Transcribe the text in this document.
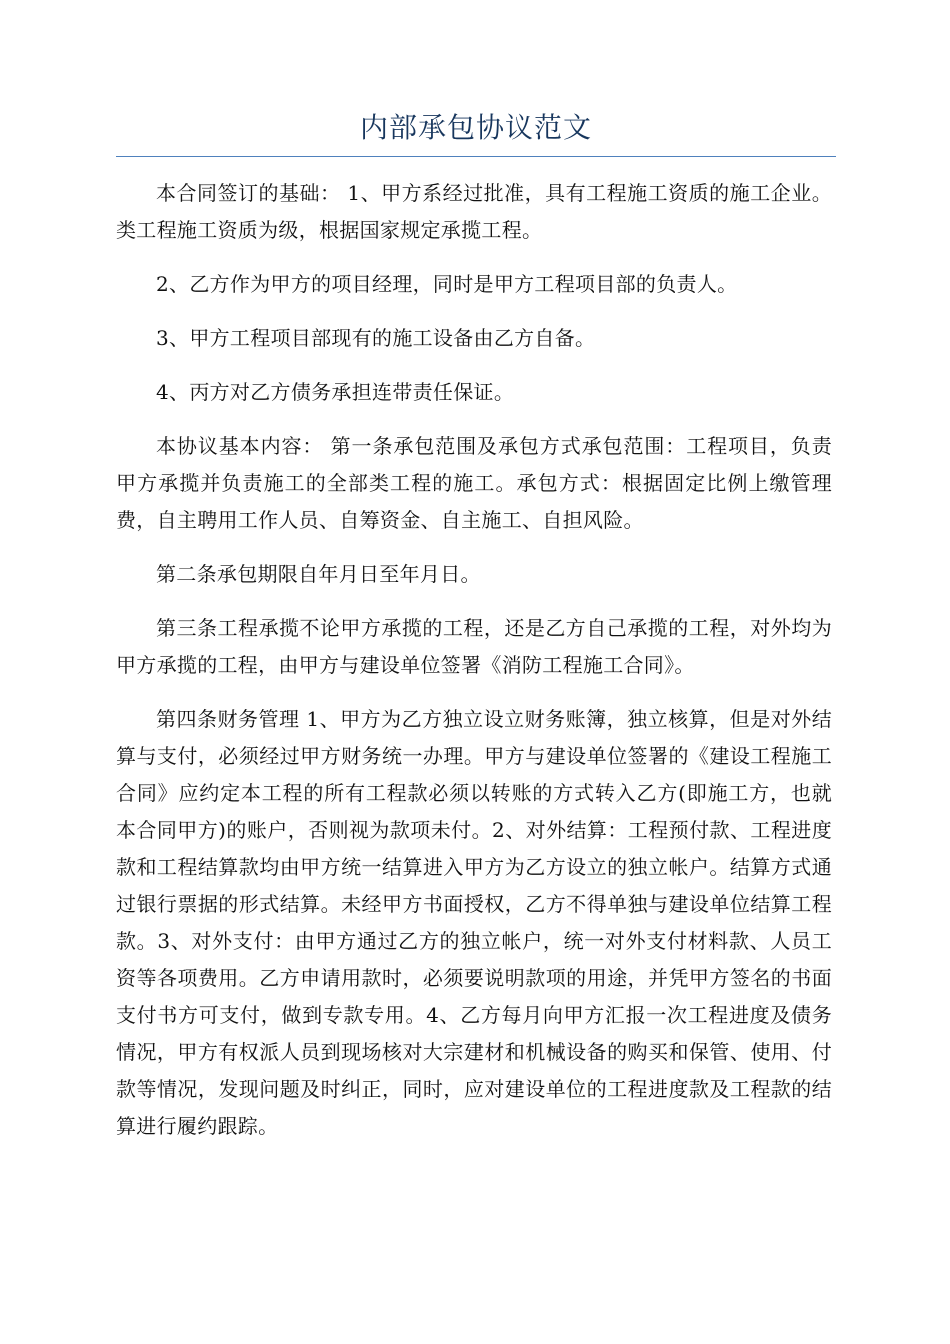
内部承包协议范文

本合同签订的基础： 1、甲方系经过批准，具有工程施工资质的施工企业。类工程施工资质为级，根据国家规定承揽工程。

2、乙方作为甲方的项目经理，同时是甲方工程项目部的负责人。

3、甲方工程项目部现有的施工设备由乙方自备。

4、丙方对乙方债务承担连带责任保证。

本协议基本内容： 第一条承包范围及承包方式承包范围：工程项目，负责甲方承揽并负责施工的全部类工程的施工。承包方式：根据固定比例上缴管理费，自主聘用工作人员、自筹资金、自主施工、自担风险。

第二条承包期限自年月日至年月日。

第三条工程承揽不论甲方承揽的工程，还是乙方自己承揽的工程，对外均为甲方承揽的工程，由甲方与建设单位签署《消防工程施工合同》。

第四条财务管理 1、甲方为乙方独立设立财务账簿，独立核算，但是对外结算与支付，必须经过甲方财务统一办理。甲方与建设单位签署的《建设工程施工合同》应约定本工程的所有工程款必须以转账的方式转入乙方(即施工方，也就本合同甲方)的账户，否则视为款项未付。2、对外结算：工程预付款、工程进度款和工程结算款均由甲方统一结算进入甲方为乙方设立的独立帐户。结算方式通过银行票据的形式结算。未经甲方书面授权，乙方不得单独与建设单位结算工程款。3、对外支付：由甲方通过乙方的独立帐户，统一对外支付材料款、人员工资等各项费用。乙方申请用款时，必须要说明款项的用途，并凭甲方签名的书面支付书方可支付，做到专款专用。4、乙方每月向甲方汇报一次工程进度及债务情况，甲方有权派人员到现场核对大宗建材和机械设备的购买和保管、使用、付款等情况，发现问题及时纠正，同时，应对建设单位的工程进度款及工程款的结算进行履约跟踪。
